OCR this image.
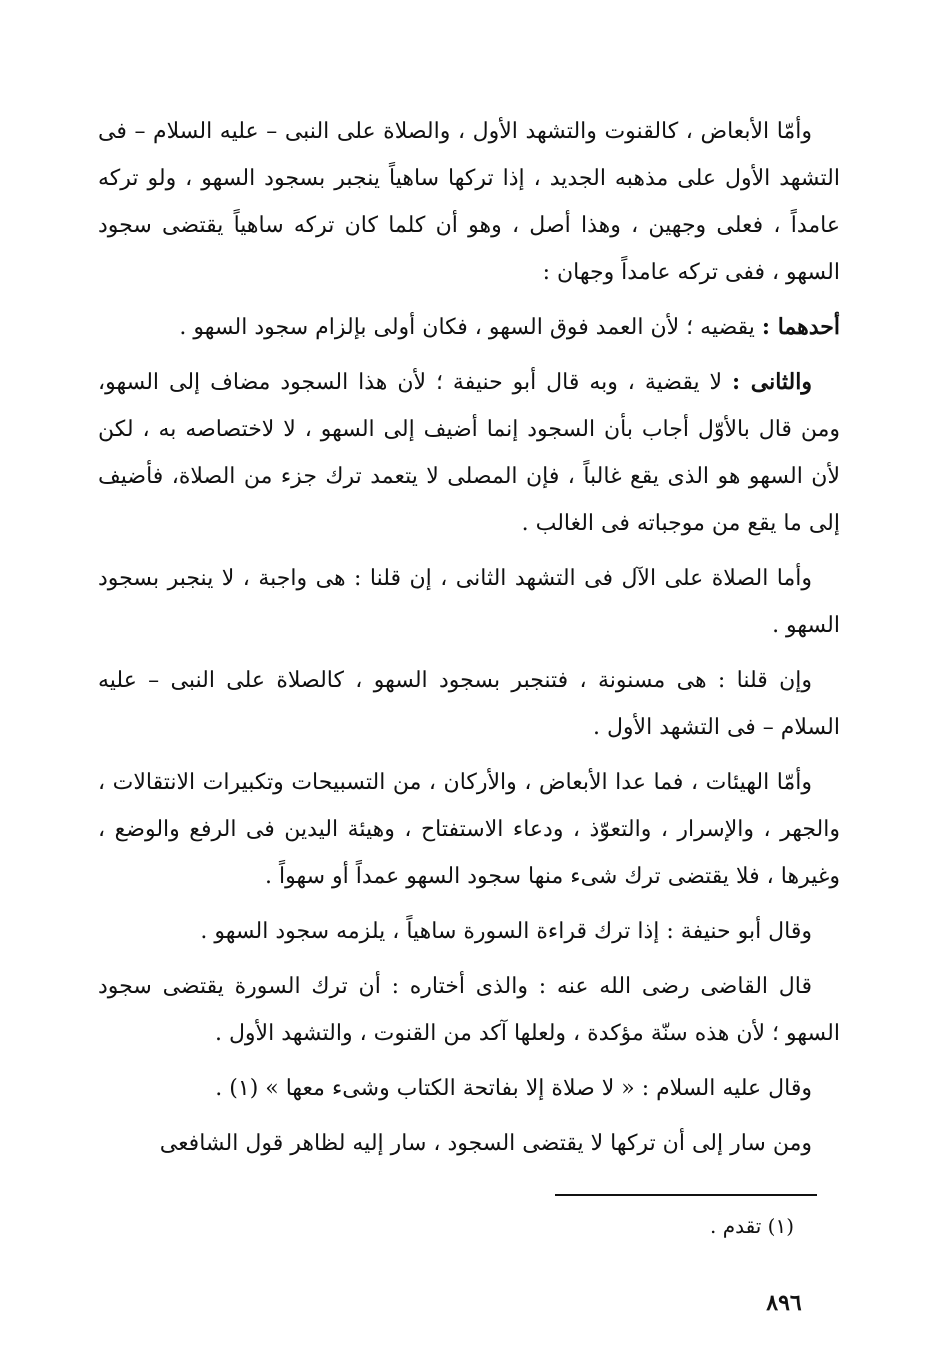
وأمّا الأبعاض ، كالقنوت والتشهد الأول ، والصلاة على النبى – عليه السلام – فى التشهد الأول على مذهبه الجديد ، إذا تركها ساهياً ينجبر بسجود السهو ، ولو تركه عامداً ، فعلى وجهين ، وهذا أصل ، وهو أن كلما كان تركه ساهياً يقتضى سجود السهو ، ففى تركه عامداً وجهان :

أحدهما : يقضيه ؛ لأن العمد فوق السهو ، فكان أولى بإلزام سجود السهو .

والثانى : لا يقضية ، وبه قال أبو حنيفة ؛ لأن هذا السجود مضاف إلى السهو، ومن قال بالأوّل أجاب بأن السجود إنما أضيف إلى السهو ، لا لاختصاصه به ، لكن لأن السهو هو الذى يقع غالباً ، فإن المصلى لا يتعمد ترك جزء من الصلاة، فأضيف إلى ما يقع من موجباته فى الغالب .

وأما الصلاة على الآل فى التشهد الثانى ، إن قلنا : هى واجبة ، لا ينجبر بسجود السهو .

وإن قلنا : هى مسنونة ، فتنجبر بسجود السهو ، كالصلاة على النبى – عليه السلام – فى التشهد الأول .

وأمّا الهيئات ، فما عدا الأبعاض ، والأركان ، من التسبيحات وتكبيرات الانتقالات ، والجهر ، والإسرار ، والتعوّذ ، ودعاء الاستفتاح ، وهيئة اليدين فى الرفع والوضع ، وغيرها ، فلا يقتضى ترك شىء منها سجود السهو عمداً أو سهواً .

وقال أبو حنيفة : إذا ترك قراءة السورة ساهياً ، يلزمه سجود السهو .

قال القاضى رضى الله عنه : والذى أختاره : أن ترك السورة يقتضى سجود السهو ؛ لأن هذه سنّة مؤكدة ، ولعلها آكد من القنوت ، والتشهد الأول .

وقال عليه السلام : « لا صلاة إلا بفاتحة الكتاب وشىء معها » (١) .

ومن سار إلى أن تركها لا يقتضى السجود ، سار إليه لظاهر قول الشافعى

(١) تقدم .
٨٩٦
